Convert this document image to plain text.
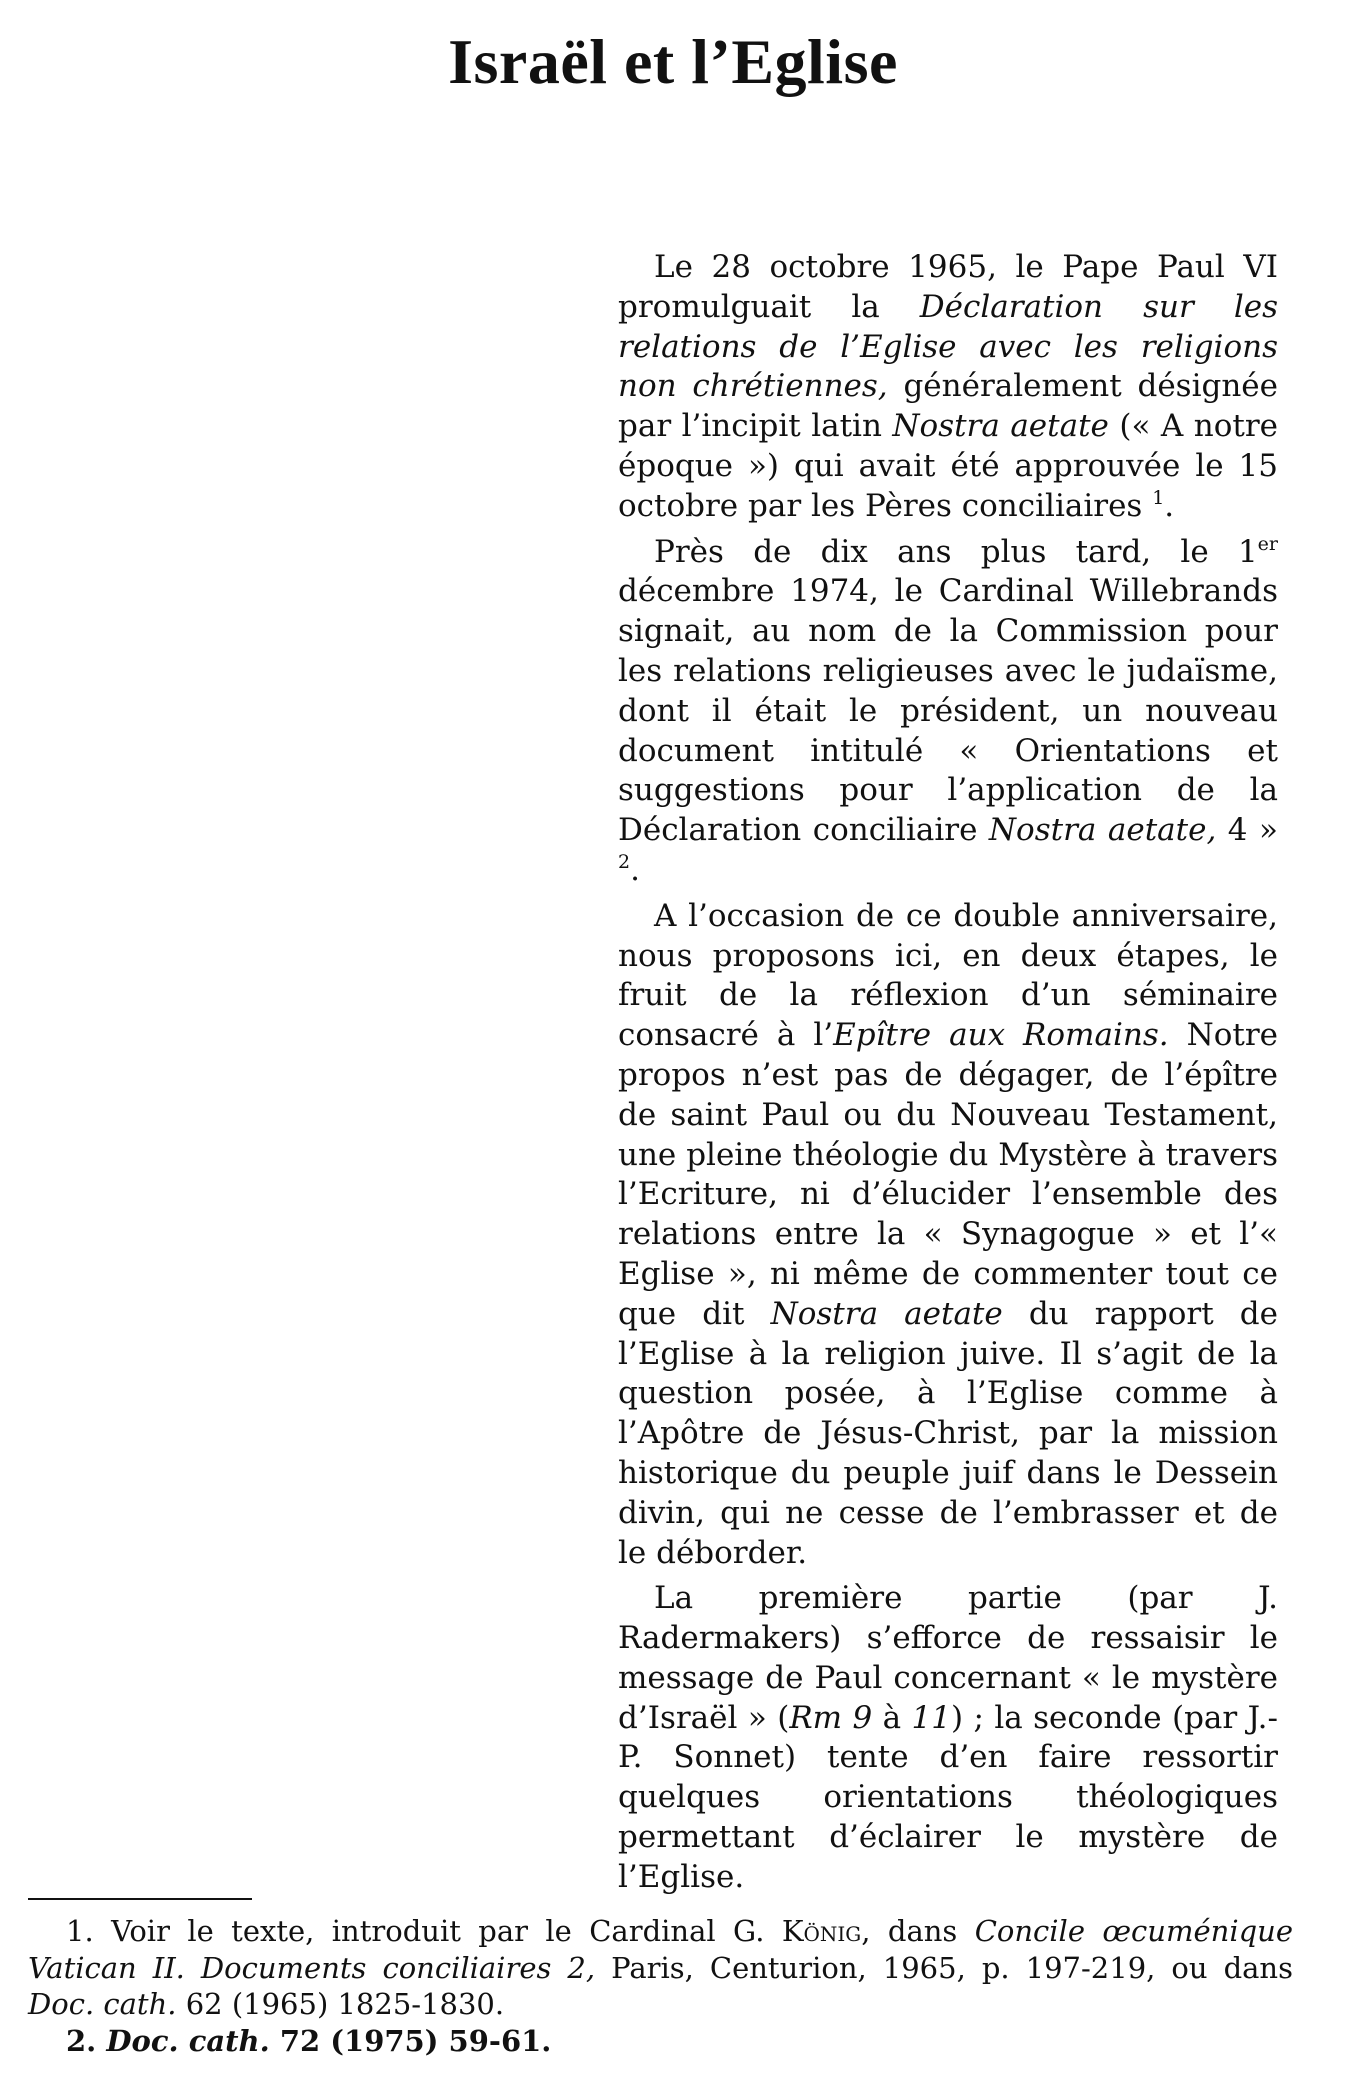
Israël et l’Eglise

Le 28 octobre 1965, le Pape Paul VI promulguait la Déclaration sur les relations de l’Eglise avec les religions non chrétiennes, généralement désignée par l’incipit latin Nostra aetate (« A notre époque ») qui avait été approuvée le 15 octobre par les Pères conciliaires $^1$.

Près de dix ans plus tard, le 1er décembre 1974, le Cardinal Willebrands signait, au nom de la Commission pour les relations religieuses avec le judaïsme, dont il était le président, un nouveau document intitulé « Orientations et suggestions pour l’application de la Déclaration conciliaire Nostra aetate, 4 » $^2$.

A l’occasion de ce double anniversaire, nous proposons ici, en deux étapes, le fruit de la réflexion d’un séminaire consacré à l’Epître aux Romains. Notre propos n’est pas de dégager, de l’épître de saint Paul ou du Nouveau Testament, une pleine théologie du Mystère à travers l’Ecriture, ni d’élucider l’ensemble des relations entre la « Synagogue » et l’« Eglise », ni même de commenter tout ce que dit Nostra aetate du rapport de l’Eglise à la religion juive. Il s’agit de la question posée, à l’Eglise comme à l’Apôtre de Jésus-Christ, par la mission historique du peuple juif dans le Dessein divin, qui ne cesse de l’embrasser et de le déborder.

La première partie (par J. Radermakers) s’efforce de ressaisir le message de Paul concernant « le mystère d’Israël » (Rm 9 à 11) ; la seconde (par J.-P. Sonnet) tente d’en faire ressortir quelques orientations théologiques permettant d’éclairer le mystère de l’Eglise.

1. Voir le texte, introduit par le Cardinal G. König, dans Concile œcuménique Vatican II. Documents conciliaires 2, Paris, Centurion, 1965, p. 197-219, ou dans Doc. cath. 62 (1965) 1825-1830.

2. Doc. cath. 72 (1975) 59-61.
